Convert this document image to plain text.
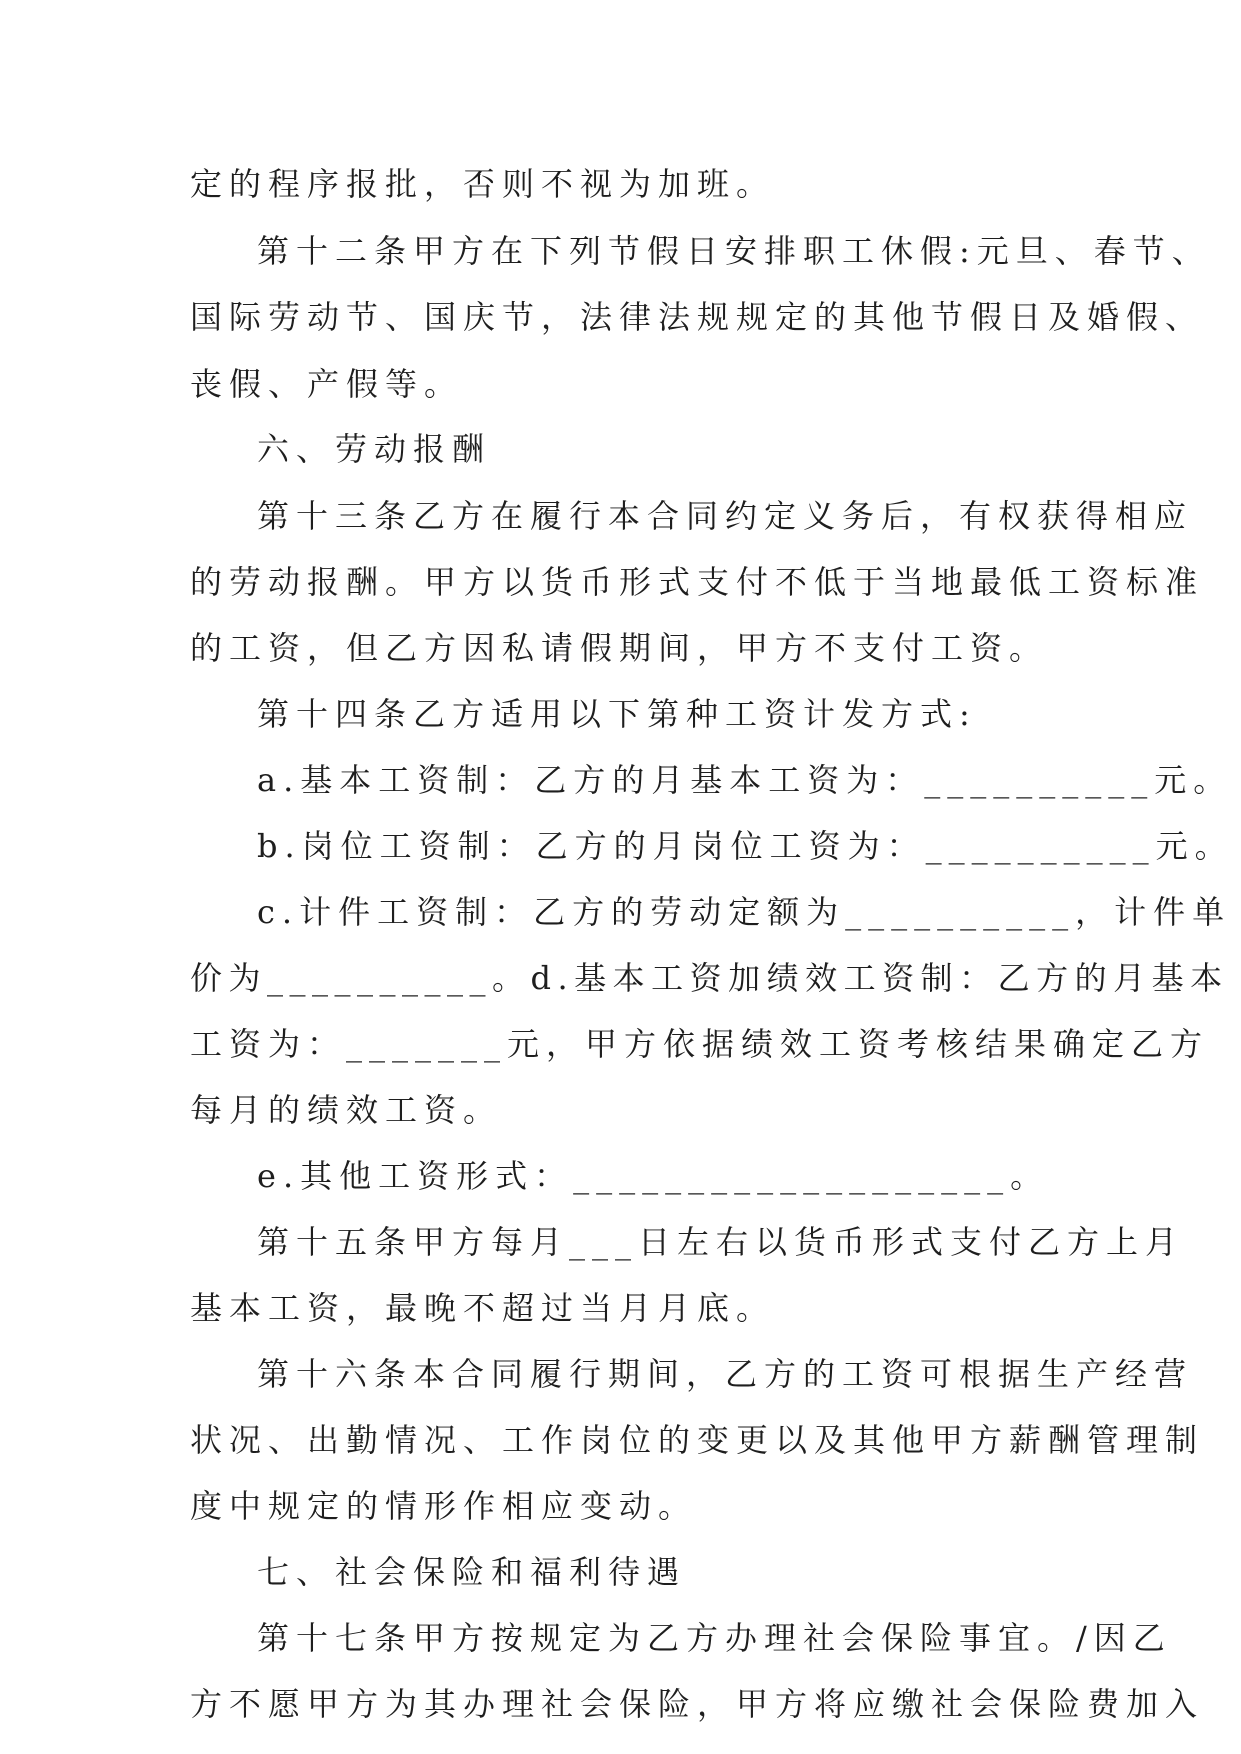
定的程序报批，否则不视为加班。
第十二条甲方在下列节假日安排职工休假:元旦、春节、
国际劳动节、国庆节，法律法规规定的其他节假日及婚假、
丧假、产假等。
六、劳动报酬
第十三条乙方在履行本合同约定义务后，有权获得相应
的劳动报酬。甲方以货币形式支付不低于当地最低工资标准
的工资，但乙方因私请假期间，甲方不支付工资。
第十四条乙方适用以下第种工资计发方式:
a.基本工资制：乙方的月基本工资为：__________元。
b.岗位工资制：乙方的月岗位工资为：__________元。
c.计件工资制：乙方的劳动定额为__________，计件单
价为__________。d.基本工资加绩效工资制：乙方的月基本
工资为：_______元，甲方依据绩效工资考核结果确定乙方
每月的绩效工资。
e.其他工资形式：___________________。
第十五条甲方每月___日左右以货币形式支付乙方上月
基本工资，最晚不超过当月月底。
第十六条本合同履行期间，乙方的工资可根据生产经营
状况、出勤情况、工作岗位的变更以及其他甲方薪酬管理制
度中规定的情形作相应变动。
七、社会保险和福利待遇
第十七条甲方按规定为乙方办理社会保险事宜。/因乙
方不愿甲方为其办理社会保险，甲方将应缴社会保险费加入
